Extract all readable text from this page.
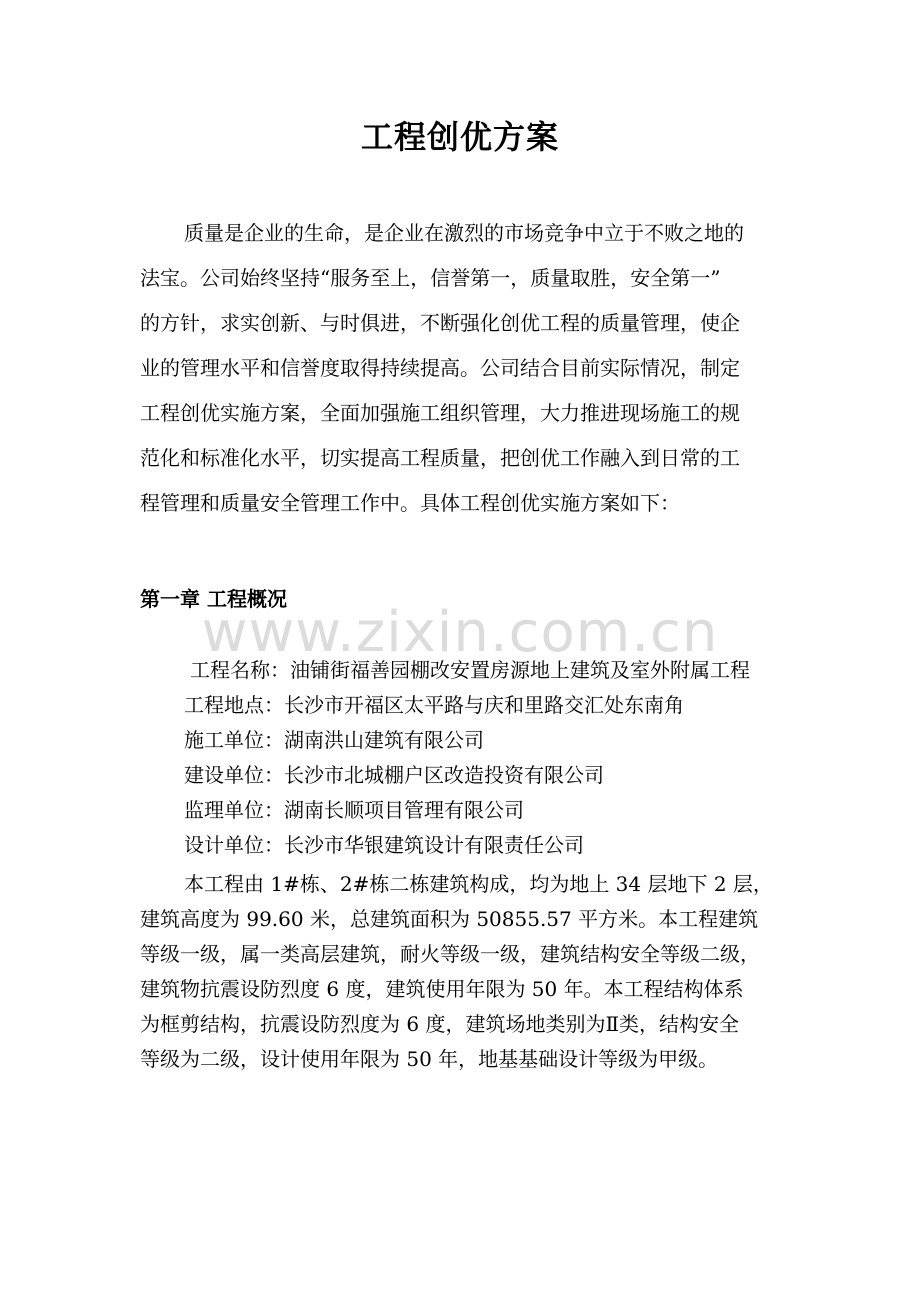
工程创优方案
质量是企业的生命，是企业在激烈的市场竞争中立于不败之地的
法宝。公司始终坚持“服务至上，信誉第一，质量取胜，安全第一”
的方针，求实创新、与时俱进，不断强化创优工程的质量管理，使企
业的管理水平和信誉度取得持续提高。公司结合目前实际情况，制定
工程创优实施方案，全面加强施工组织管理，大力推进现场施工的规
范化和标准化水平，切实提高工程质量，把创优工作融入到日常的工
程管理和质量安全管理工作中。具体工程创优实施方案如下：
第一章 工程概况
www.zixin.com.cn
工程名称：油铺街福善园棚改安置房源地上建筑及室外附属工程
工程地点：长沙市开福区太平路与庆和里路交汇处东南角
施工单位：湖南洪山建筑有限公司
建设单位：长沙市北城棚户区改造投资有限公司
监理单位：湖南长顺项目管理有限公司
设计单位：长沙市华银建筑设计有限责任公司
本工程由 1#栋、2#栋二栋建筑构成，均为地上 34 层地下 2 层，
建筑高度为 99.60 米，总建筑面积为 50855.57 平方米。本工程建筑
等级一级，属一类高层建筑，耐火等级一级，建筑结构安全等级二级，
建筑物抗震设防烈度 6 度，建筑使用年限为 50 年。本工程结构体系
为框剪结构，抗震设防烈度为 6 度，建筑场地类别为Ⅱ类，结构安全
等级为二级，设计使用年限为 50 年，地基基础设计等级为甲级。
